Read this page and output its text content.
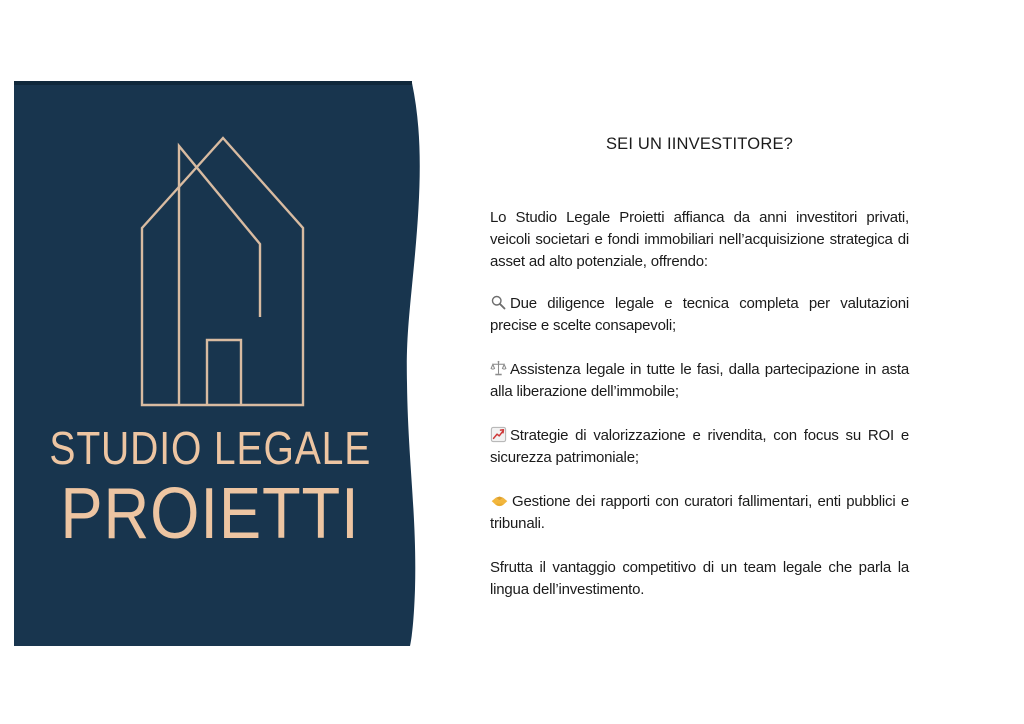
STUDIO LEGALE
PROIETTI

SEI UN IINVESTITORE?

Lo Studio Legale Proietti affianca da anni investitori privati, veicoli societari e fondi immobiliari nell’acquisizione strategica di asset ad alto potenziale, offrendo:

Due diligence legale e tecnica completa per valutazioni precise e scelte consapevoli;

Assistenza legale in tutte le fasi, dalla partecipazione in asta alla liberazione dell’immobile;

Strategie di valorizzazione e rivendita, con focus su ROI e sicurezza patrimoniale;

Gestione dei rapporti con curatori fallimentari, enti pubblici e tribunali.

Sfrutta il vantaggio competitivo di un team legale che parla la lingua dell’investimento.
